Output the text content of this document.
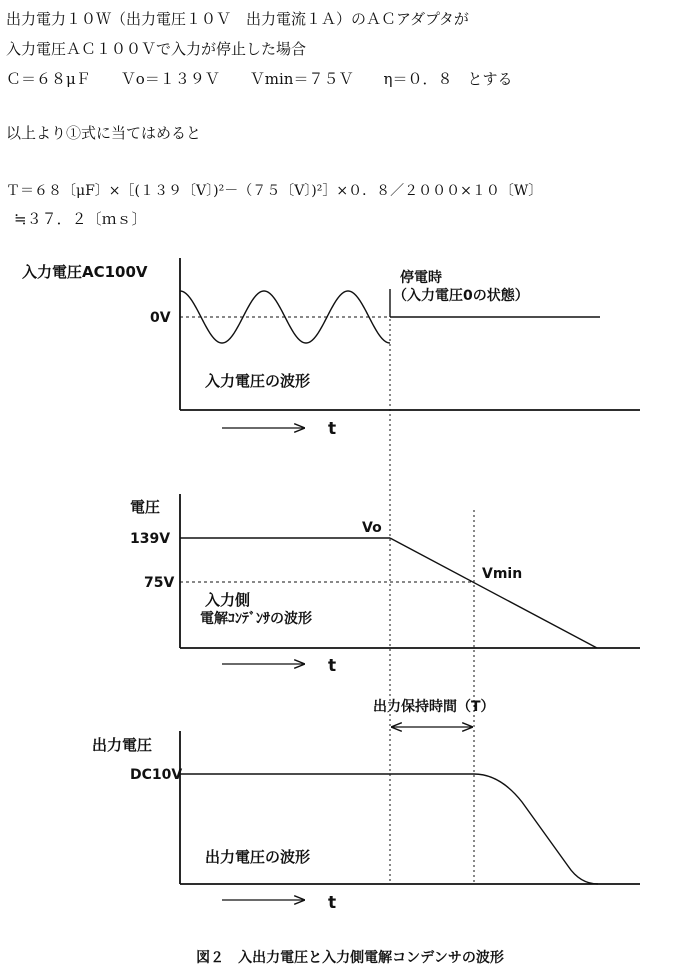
出力電力１０Ｗ（出力電圧１０Ｖ　出力電流１Ａ）のＡＣアダプタが
入力電圧ＡＣ１００Ｖで入力が停止した場合
Ｃ＝６８μＦ　　Ｖo＝１３９Ｖ　　Ｖmin＝７５Ｖ　　η＝０．８　とする
以上より①式に当てはめると
Ｔ＝６８〔μF〕×［(１３９〔V〕)²－（７５〔V〕)²］×０．８／２０００×１０〔W〕
≒３７．２〔ｍｓ〕
入力電圧AC100V
0V
停電時
（入力電圧0の状態）
入力電圧の波形
t
電圧
139V
75V
Vo
Vmin
入力側
電解ｺﾝﾃﾞﾝｻの波形
t
出力保持時間（T）
出力電圧
DC10V
出力電圧の波形
t
図２　入出力電圧と入力側電解コンデンサの波形
